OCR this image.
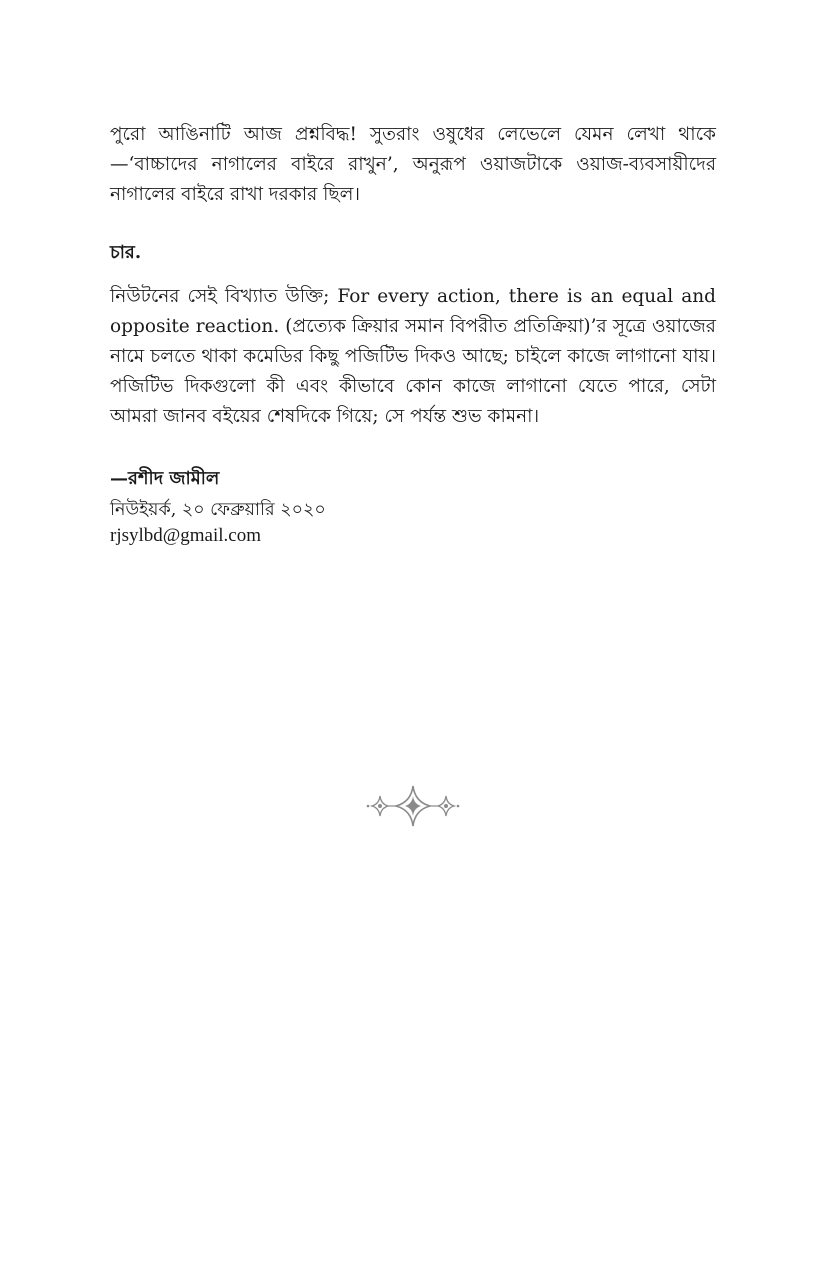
পুরো আঙিনাটি আজ প্রশ্নবিদ্ধ! সুতরাং ওষুধের লেভেলে যেমন লেখা থাকে—‘বাচ্চাদের নাগালের বাইরে রাখুন’, অনুরূপ ওয়াজটাকে ওয়াজ-ব্যবসায়ীদের নাগালের বাইরে রাখা দরকার ছিল।

চার.

নিউটনের সেই বিখ্যাত উক্তি; For every action, there is an equal and opposite reaction. (প্রত্যেক ক্রিয়ার সমান বিপরীত প্রতিক্রিয়া)’র সূত্রে ওয়াজের নামে চলতে থাকা কমেডির কিছু পজিটিভ দিকও আছে; চাইলে কাজে লাগানো যায়। পজিটিভ দিকগুলো কী এবং কীভাবে কোন কাজে লাগানো যেতে পারে, সেটা আমরা জানব বইয়ের শেষদিকে গিয়ে; সে পর্যন্ত শুভ কামনা।

—রশীদ জামীল

নিউইয়র্ক, ২০ ফেব্রুয়ারি ২০২০

rjsylbd@gmail.com
